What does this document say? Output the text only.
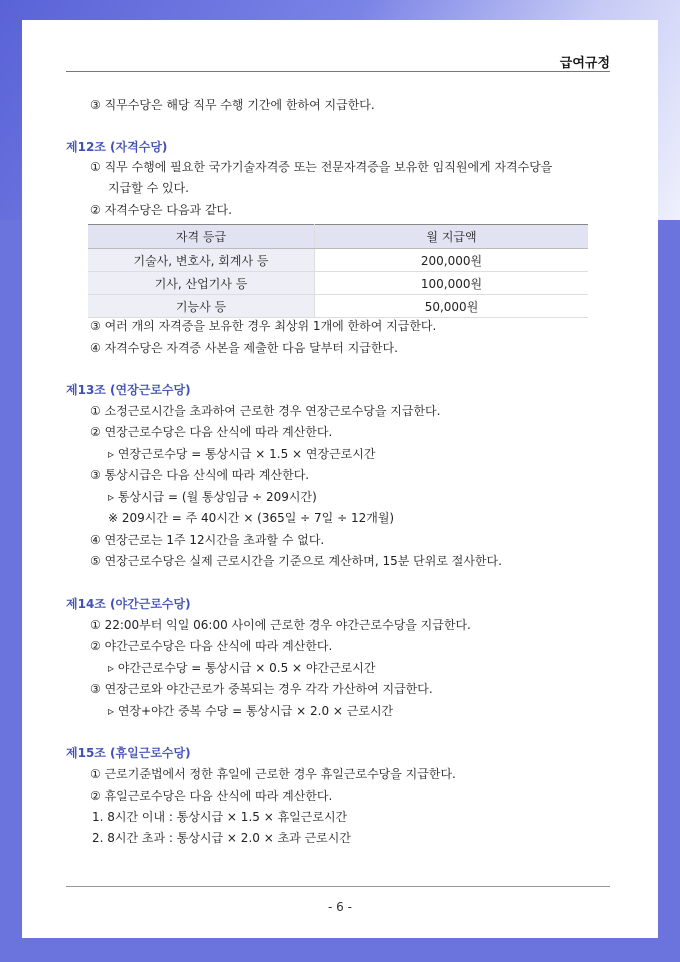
급여규정
③ 직무수당은 해당 직무 수행 기간에 한하여 지급한다.
제12조 (자격수당)
① 직무 수행에 필요한 국가기술자격증 또는 전문자격증을 보유한 임직원에게 자격수당을
지급할 수 있다.
② 자격수당은 다음과 같다.
자격 등급	월 지급액
기술사, 변호사, 회계사 등	200,000원
기사, 산업기사 등	100,000원
기능사 등	50,000원
③ 여러 개의 자격증을 보유한 경우 최상위 1개에 한하여 지급한다.
④ 자격수당은 자격증 사본을 제출한 다음 달부터 지급한다.
제13조 (연장근로수당)
① 소정근로시간을 초과하여 근로한 경우 연장근로수당을 지급한다.
② 연장근로수당은 다음 산식에 따라 계산한다.
▹ 연장근로수당 = 통상시급 × 1.5 × 연장근로시간
③ 통상시급은 다음 산식에 따라 계산한다.
▹ 통상시급 = (월 통상임금 ÷ 209시간)
※ 209시간 = 주 40시간 × (365일 ÷ 7일 ÷ 12개월)
④ 연장근로는 1주 12시간을 초과할 수 없다.
⑤ 연장근로수당은 실제 근로시간을 기준으로 계산하며, 15분 단위로 절사한다.
제14조 (야간근로수당)
① 22:00부터 익일 06:00 사이에 근로한 경우 야간근로수당을 지급한다.
② 야간근로수당은 다음 산식에 따라 계산한다.
▹ 야간근로수당 = 통상시급 × 0.5 × 야간근로시간
③ 연장근로와 야간근로가 중복되는 경우 각각 가산하여 지급한다.
▹ 연장+야간 중복 수당 = 통상시급 × 2.0 × 근로시간
제15조 (휴일근로수당)
① 근로기준법에서 정한 휴일에 근로한 경우 휴일근로수당을 지급한다.
② 휴일근로수당은 다음 산식에 따라 계산한다.
1. 8시간 이내 : 통상시급 × 1.5 × 휴일근로시간
2. 8시간 초과 : 통상시급 × 2.0 × 초과 근로시간
- 6 -
